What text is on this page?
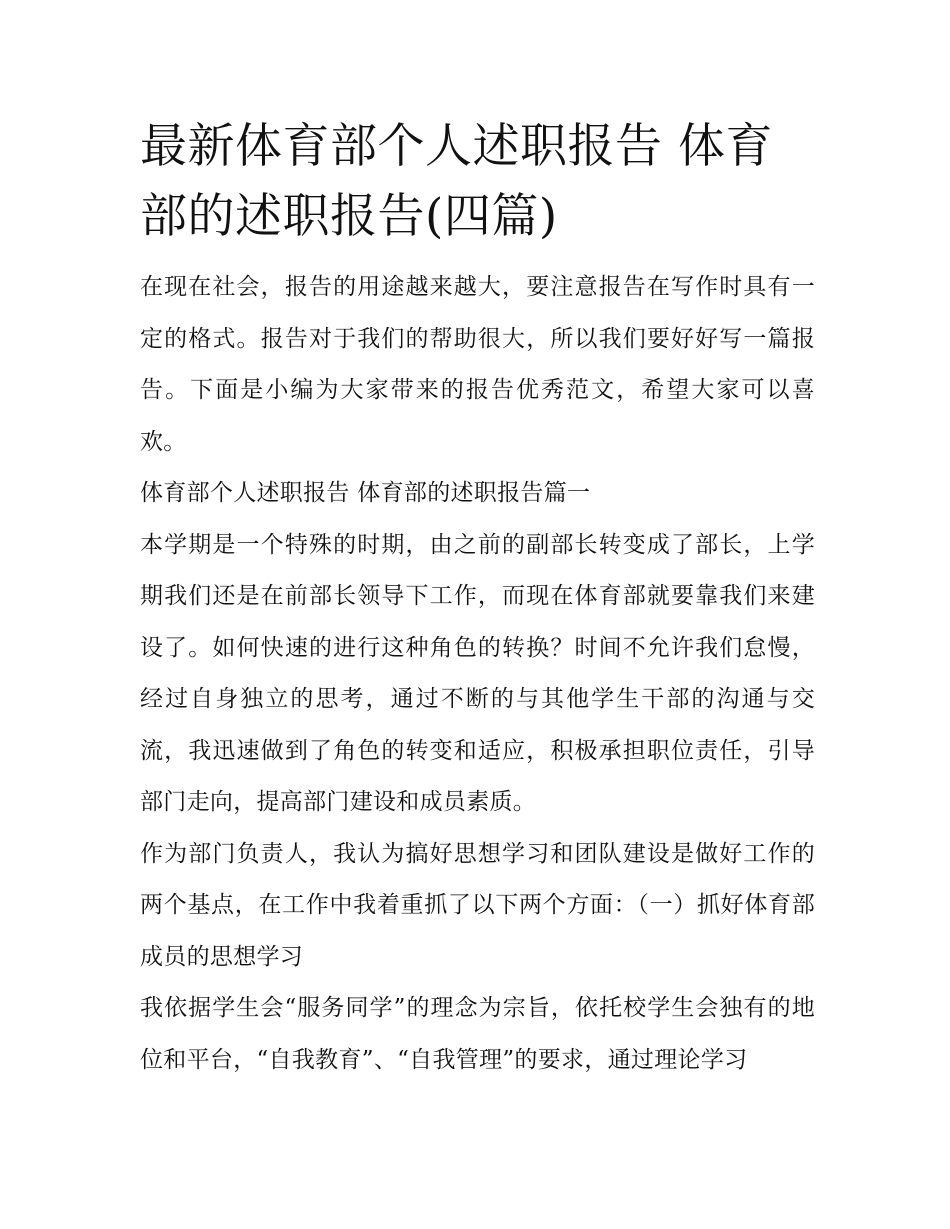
最新体育部个人述职报告 体育部的述职报告(四篇)

在现在社会，报告的用途越来越大，要注意报告在写作时具有一定的格式。报告对于我们的帮助很大，所以我们要好好写一篇报告。下面是小编为大家带来的报告优秀范文，希望大家可以喜欢。

体育部个人述职报告 体育部的述职报告篇一

本学期是一个特殊的时期，由之前的副部长转变成了部长，上学期我们还是在前部长领导下工作，而现在体育部就要靠我们来建设了。如何快速的进行这种角色的转换？时间不允许我们怠慢，经过自身独立的思考，通过不断的与其他学生干部的沟通与交流，我迅速做到了角色的转变和适应，积极承担职位责任，引导部门走向，提高部门建设和成员素质。

作为部门负责人，我认为搞好思想学习和团队建设是做好工作的两个基点，在工作中我着重抓了以下两个方面：（一）抓好体育部成员的思想学习

我依据学生会“服务同学”的理念为宗旨，依托校学生会独有的地位和平台，“自我教育”、“自我管理”的要求，通过理论学习
